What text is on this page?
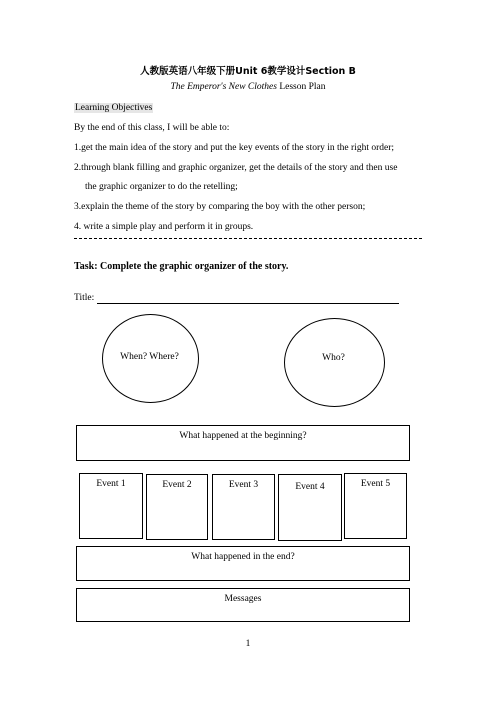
人教版英语八年级下册Unit 6教学设计Section B
The Emperor's New Clothes Lesson Plan
Learning Objectives
By the end of this class, I will be able to:
1.get the main idea of the story and put the key events of the story in the right order;
2.through blank filling and graphic organizer, get the details of the story and then use
the graphic organizer to do the retelling;
3.explain the theme of the story by comparing the boy with the other person;
4. write a simple play and perform it in groups.
Task: Complete the graphic organizer of the story.
Title:
When? Where?	Who?
What happened at the beginning?
Event 1	Event 2	Event 3	Event 4	Event 5
What happened in the end?
Messages
1
